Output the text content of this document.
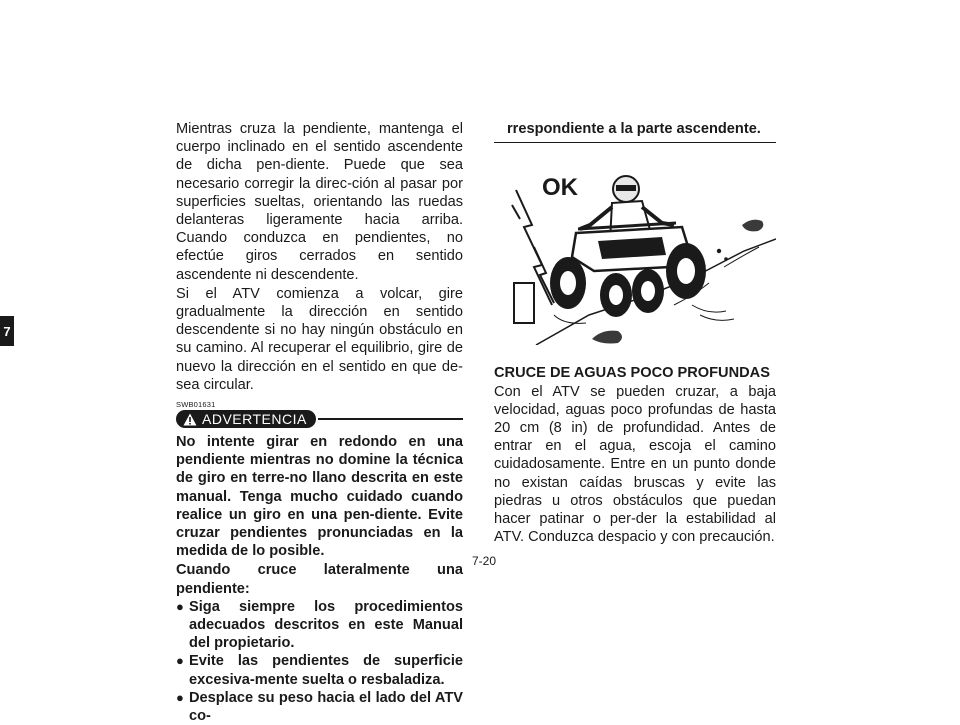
7

Mientras cruza la pendiente, mantenga el cuerpo inclinado en el sentido ascendente de dicha pen-diente. Puede que sea necesario corregir la direc-ción al pasar por superficies sueltas, orientando las ruedas delanteras ligeramente hacia arriba. Cuando conduzca en pendientes, no efectúe giros cerrados en sentido ascendente ni descendente.

Si el ATV comienza a volcar, gire gradualmente la dirección en sentido descendente si no hay ningún obstáculo en su camino. Al recuperar el equilibrio, gire de nuevo la dirección en el sentido en que de-sea circular.

SWB01631
ADVERTENCIA

No intente girar en redondo en una pendiente mientras no domine la técnica de giro en terre-no llano descrita en este manual. Tenga mucho cuidado cuando realice un giro en una pen-diente. Evite cruzar pendientes pronunciadas en la medida de lo posible.

Cuando cruce lateralmente una pendiente:

● Siga siempre los procedimientos adecuados descritos en este Manual del propietario.
● Evite las pendientes de superficie excesiva-mente suelta o resbaladiza.
● Desplace su peso hacia el lado del ATV co-
rrespondiente a la parte ascendente.
OK
CRUCE DE AGUAS POCO PROFUNDAS

Con el ATV se pueden cruzar, a baja velocidad, aguas poco profundas de hasta 20 cm (8 in) de profundidad. Antes de entrar en el agua, escoja el camino cuidadosamente. Entre en un punto donde no existan caídas bruscas y evite las piedras u otros obstáculos que puedan hacer patinar o per-der la estabilidad al ATV. Conduzca despacio y con precaución.

7-20
